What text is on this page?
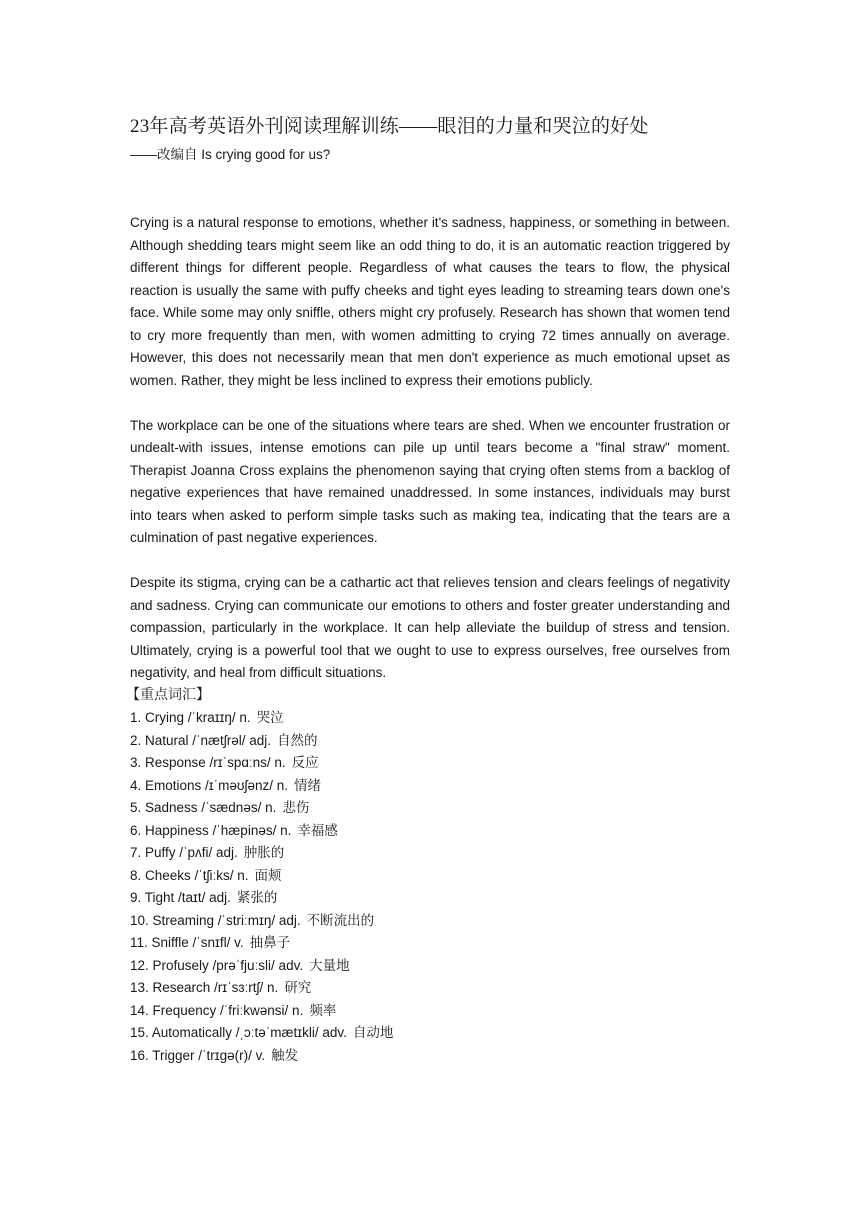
23年高考英语外刊阅读理解训练——眼泪的力量和哭泣的好处

——改编自 Is crying good for us?

Crying is a natural response to emotions, whether it's sadness, happiness, or something in between. Although shedding tears might seem like an odd thing to do, it is an automatic reaction triggered by different things for different people. Regardless of what causes the tears to flow, the physical reaction is usually the same with puffy cheeks and tight eyes leading to streaming tears down one's face. While some may only sniffle, others might cry profusely. Research has shown that women tend to cry more frequently than men, with women admitting to crying 72 times annually on average. However, this does not necessarily mean that men don't experience as much emotional upset as women. Rather, they might be less inclined to express their emotions publicly.

The workplace can be one of the situations where tears are shed. When we encounter frustration or undealt-with issues, intense emotions can pile up until tears become a "final straw" moment. Therapist Joanna Cross explains the phenomenon saying that crying often stems from a backlog of negative experiences that have remained unaddressed. In some instances, individuals may burst into tears when asked to perform simple tasks such as making tea, indicating that the tears are a culmination of past negative experiences.

Despite its stigma, crying can be a cathartic act that relieves tension and clears feelings of negativity and sadness. Crying can communicate our emotions to others and foster greater understanding and compassion, particularly in the workplace. It can help alleviate the buildup of stress and tension. Ultimately, crying is a powerful tool that we ought to use to express ourselves, free ourselves from negativity, and heal from difficult situations.

【重点词汇】
1. Crying /ˈkraɪɪŋ/ n. 哭泣
2. Natural /ˈnætʃrəl/ adj. 自然的
3. Response /rɪˈspɑːns/ n. 反应
4. Emotions /ɪˈməʊʃənz/ n. 情绪
5. Sadness /ˈsædnəs/ n. 悲伤
6. Happiness /ˈhæpinəs/ n. 幸福感
7. Puffy /ˈpʌfi/ adj. 肿胀的
8. Cheeks /ˈtʃiːks/ n. 面颊
9. Tight /taɪt/ adj. 紧张的
10. Streaming /ˈstriːmɪŋ/ adj. 不断流出的
11. Sniffle /ˈsnɪfl/ v. 抽鼻子
12. Profusely /prəˈfjuːsli/ adv. 大量地
13. Research /rɪˈsɜːrtʃ/ n. 研究
14. Frequency /ˈfriːkwənsi/ n. 频率
15. Automatically /ˌɔːtəˈmætɪkli/ adv. 自动地
16. Trigger /ˈtrɪɡə(r)/ v. 触发
